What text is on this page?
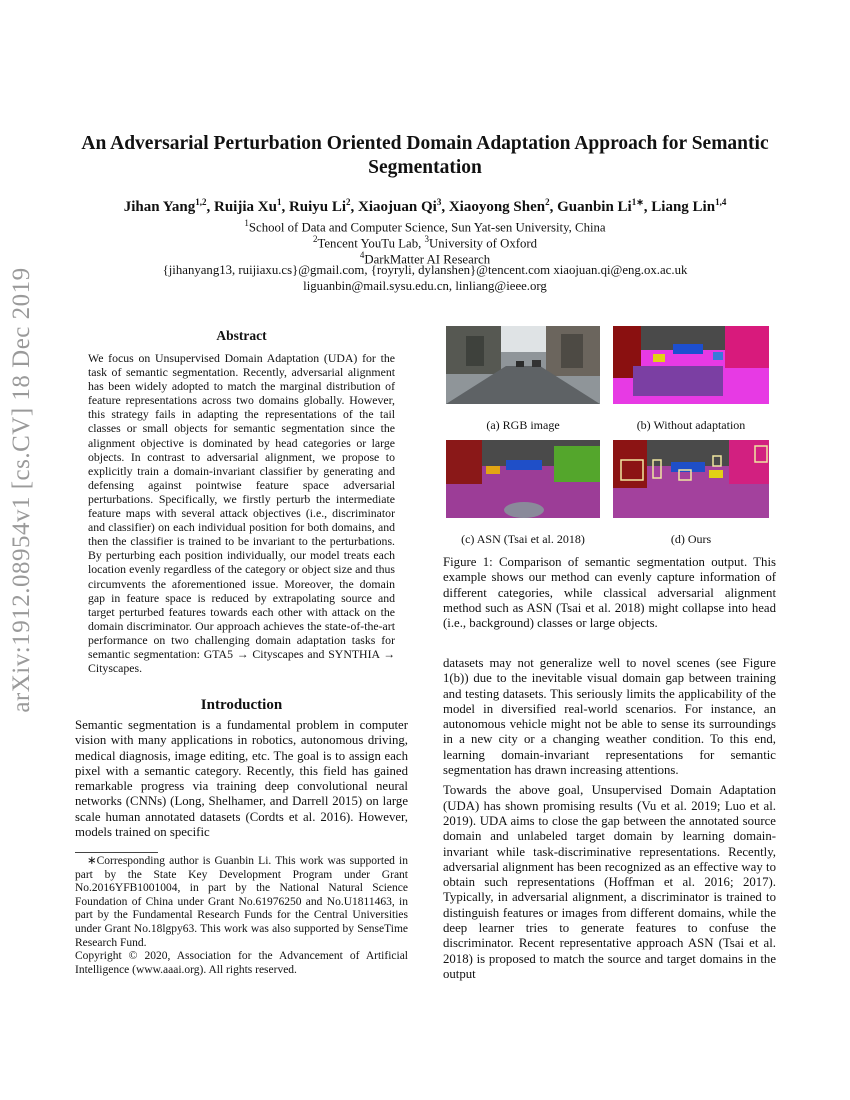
arXiv:1912.08954v1 [cs.CV] 18 Dec 2019
An Adversarial Perturbation Oriented Domain Adaptation Approach for Semantic Segmentation
Jihan Yang$^{1,2}$, Ruijia Xu$^1$, Ruiyu Li$^2$, Xiaojuan Qi$^3$, Xiaoyong Shen$^2$, Guanbin $Li^{1∗}$, Liang Lin$^{1,4}$
$^1$School of Data and Computer Science, Sun Yat-sen University, China
$^2$Tencent YouTu Lab, $^3$University of Oxford
$^4$DarkMatter AI Research
{jihanyang13, ruijiaxu.cs}@gmail.com, {royryli, dylanshen}@tencent.com xiaojuan.qi@eng.ox.ac.uk
liguanbin@mail.sysu.edu.cn, linliang@ieee.org
Abstract
We focus on Unsupervised Domain Adaptation (UDA) for the task of semantic segmentation. Recently, adversarial alignment has been widely adopted to match the marginal distribution of feature representations across two domains globally. However, this strategy fails in adapting the representations of the tail classes or small objects for semantic segmentation since the alignment objective is dominated by head categories or large objects. In contrast to adversarial alignment, we propose to explicitly train a domain-invariant classifier by generating and defensing against pointwise feature space adversarial perturbations. Specifically, we firstly perturb the intermediate feature maps with several attack objectives (i.e., discriminator and classifier) on each individual position for both domains, and then the classifier is trained to be invariant to the perturbations. By perturbing each position individually, our model treats each location evenly regardless of the category or object size and thus circumvents the aforementioned issue. Moreover, the domain gap in feature space is reduced by extrapolating source and target perturbed features towards each other with attack on the domain discriminator. Our approach achieves the state-of-the-art performance on two challenging domain adaptation tasks for semantic segmentation: GTA5 → Cityscapes and SYNTHIA → Cityscapes.
Introduction
Semantic segmentation is a fundamental problem in computer vision with many applications in robotics, autonomous driving, medical diagnosis, image editing, etc. The goal is to assign each pixel with a semantic category. Recently, this field has gained remarkable progress via training deep convolutional neural networks (CNNs) (Long, Shelhamer, and Darrell 2015) on large scale human annotated datasets (Cordts et al. 2016). However, models trained on specific
∗Corresponding author is Guanbin Li. This work was supported in part by the State Key Development Program under Grant No.2016YFB1001004, in part by the National Natural Science Foundation of China under Grant No.61976250 and No.U1811463, in part by the Fundamental Research Funds for the Central Universities under Grant No.18lgpy63. This work was also supported by SenseTime Research Fund.
Copyright © 2020, Association for the Advancement of Artificial Intelligence (www.aaai.org). All rights reserved.
(a) RGB image	(b) Without adaptation
(c) ASN (Tsai et al. 2018)	(d) Ours
Figure 1: Comparison of semantic segmentation output. This example shows our method can evenly capture information of different categories, while classical adversarial alignment method such as ASN (Tsai et al. 2018) might collapse into head (i.e., background) classes or large objects.

datasets may not generalize well to novel scenes (see Figure 1(b)) due to the inevitable visual domain gap between training and testing datasets. This seriously limits the applicability of the model in diversified real-world scenarios. For instance, an autonomous vehicle might not be able to sense its surroundings in a new city or a changing weather condition. To this end, learning domain-invariant representations for semantic segmentation has drawn increasing attentions.

Towards the above goal, Unsupervised Domain Adaptation (UDA) has shown promising results (Vu et al. 2019; Luo et al. 2019). UDA aims to close the gap between the annotated source domain and unlabeled target domain by learning domain-invariant while task-discriminative representations. Recently, adversarial alignment has been recognized as an effective way to obtain such representations (Hoffman et al. 2016; 2017). Typically, in adversarial alignment, a discriminator is trained to distinguish features or images from different domains, while the deep learner tries to generate features to confuse the discriminator. Recent representative approach ASN (Tsai et al. 2018) is proposed to match the source and target domains in the output
